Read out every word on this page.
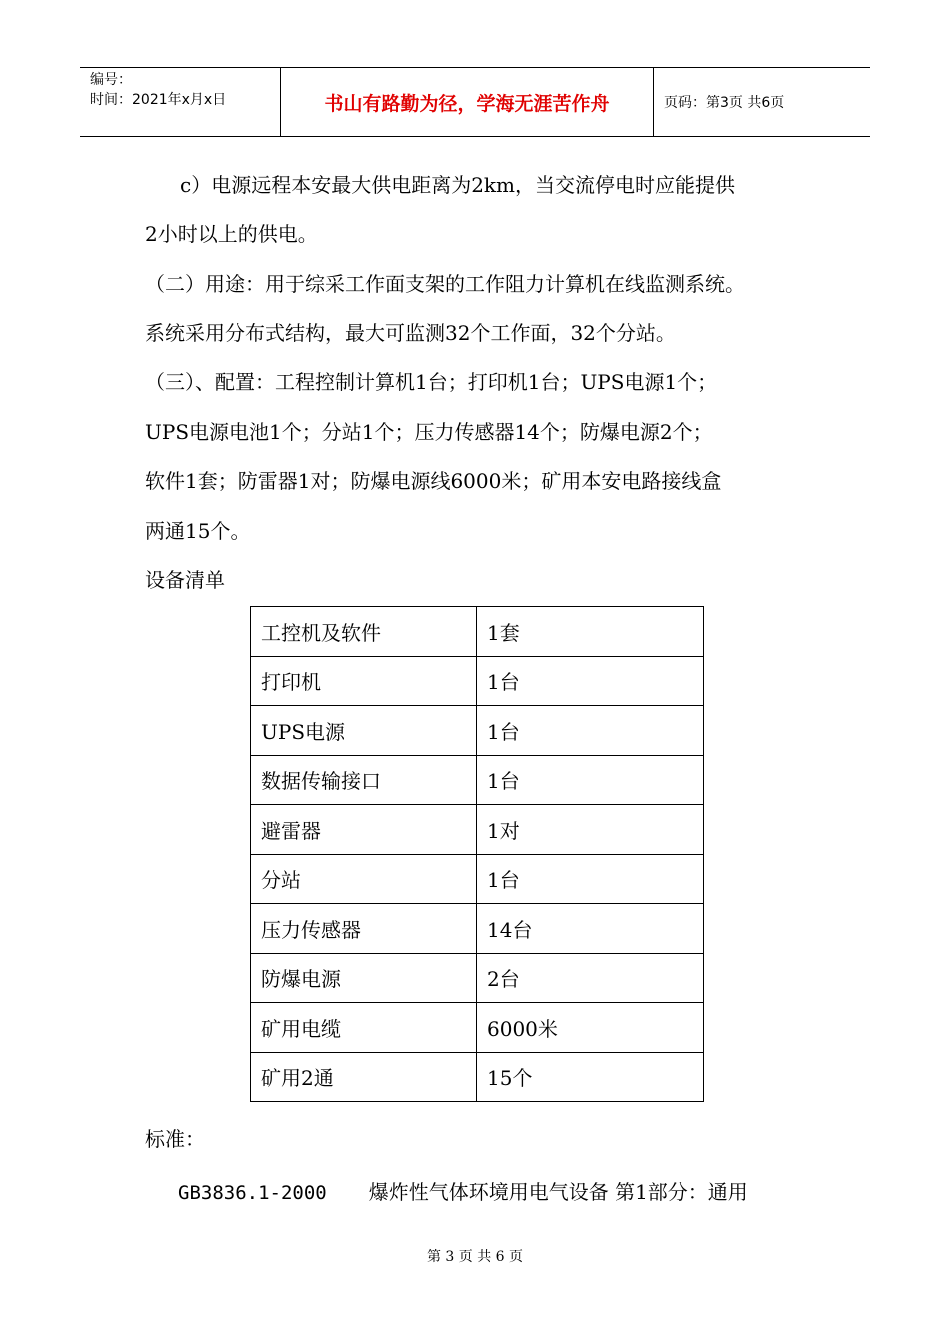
编号：
时间：2021年x月x日	书山有路勤为径，学海无涯苦作舟	页码：第3页 共6页
c）电源远程本安最大供电距离为2km，当交流停电时应能提供
2小时以上的供电。
（二）用途：用于综采工作面支架的工作阻力计算机在线监测系统。
系统采用分布式结构，最大可监测32个工作面，32个分站。
（三）、配置：工程控制计算机1台；打印机1台；UPS电源1个；
UPS电源电池1个；分站1个；压力传感器14个；防爆电源2个；
软件1套；防雷器1对；防爆电源线6000米；矿用本安电路接线盒
两通15个。
设备清单
工控机及软件	1套
打印机	1台
UPS电源	1台
数据传输接口	1台
避雷器	1对
分站	1台
压力传感器	14台
防爆电源	2台
矿用电缆	6000米
矿用2通	15个
标准：
GB3836.1-2000 爆炸性气体环境用电气设备 第1部分：通用
第 3 页 共 6 页
